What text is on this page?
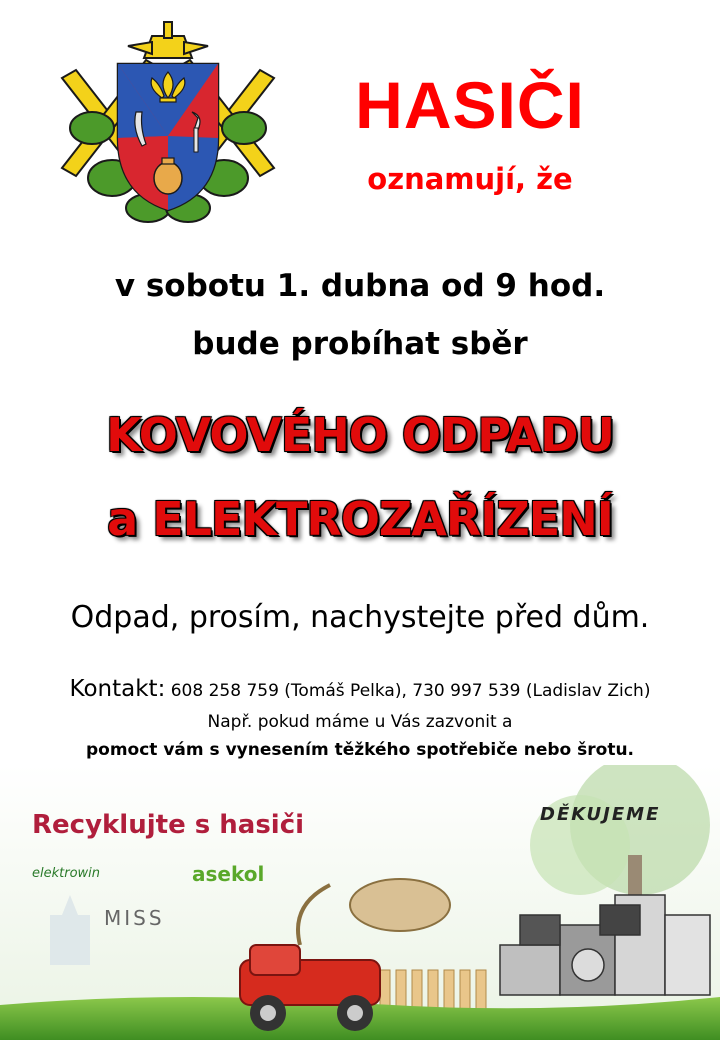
HASIČI
oznamují, že
v sobotu 1. dubna od 9 hod.
bude probíhat sběr
KOVOVÉHO ODPADU
a ELEKTROZAŘÍZENÍ
Odpad, prosím, nachystejte před dům.
Kontakt: 608 258 759 (Tomáš Pelka), 730 997 539 (Ladislav Zich)
Např. pokud máme u Vás zazvonit a
pomoct vám s vynesením těžkého spotřebiče nebo šrotu.
Recyklujte s hasiči	DĚKUJEME
elektrowin	asekol
MISS
